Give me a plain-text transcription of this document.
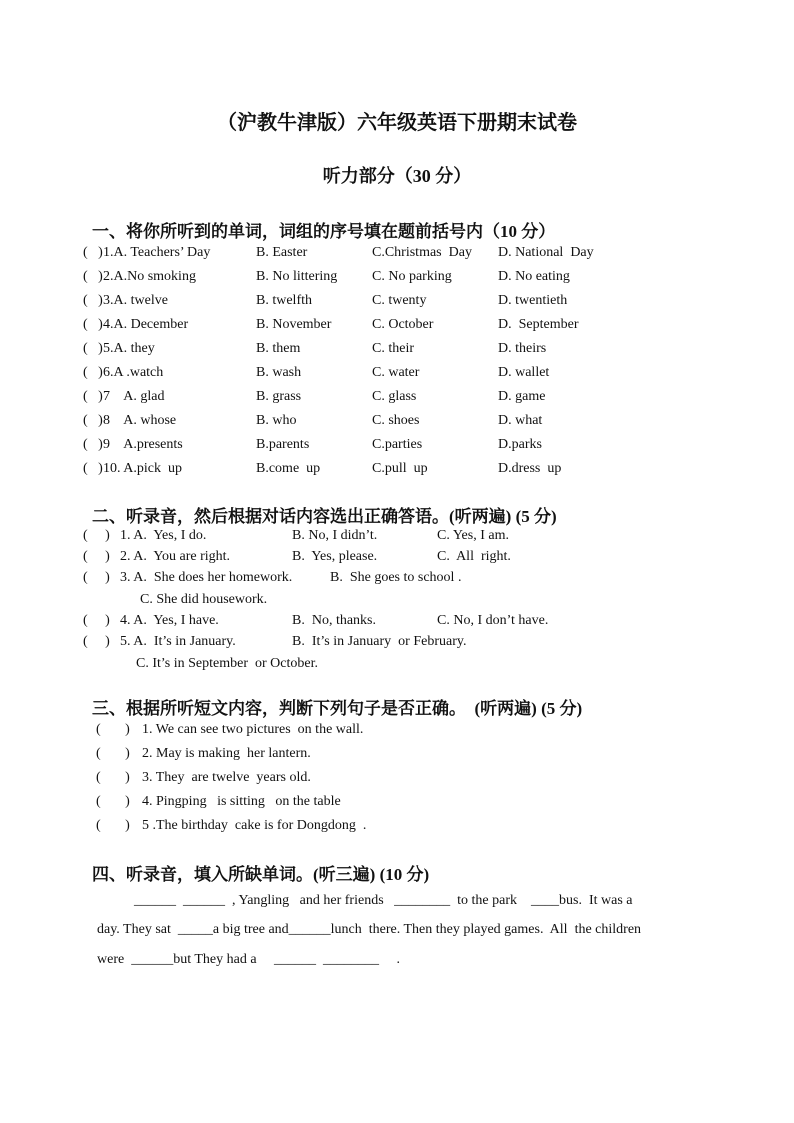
（沪教牛津版）六年级英语下册期末试卷
听力部分（30 分）
一、将你所听到的单词，词组的序号填在题前括号内（10 分）
(   ) 1.A. Teachers’ Day	B. Easter	C.Christmas  Day D. National  Day
(   ) 2.A.No smoking	B. No littering C. No parking	D. No eating
(   ) 3.A. twelve	B. twelfth	C. twenty	D. twentieth
(   ) 4.A. December	B. November	C. October	D.  September
(   ) 5.A. they	B. them	C. their	D. theirs
(   ) 6.A .watch	B. wash	C. water	D. wallet
(   ) 7    A. glad	B. grass	C. glass	D. game
(   ) 8    A. whose	B. who	C. shoes	D. what
(   ) 9    A.presents	B.parents	C.parties	D.parks
(   ) 10. A.pick  up	B.come  up	C.pull  up	D.dress  up
二、听录音，然后根据对话内容选出正确答语。(听两遍) (5 分)
(     ) 1. A.  Yes, I do.	B. No, I didn’t.	C. Yes, I am.
(     ) 2. A.  You are right.	B.  Yes, please.	C.  All  right.
(     ) 3. A.  She does her homework.	B.  She goes to school .
C. She did housework.
(     ) 4. A.  Yes, I have.	B.  No, thanks.	C. No, I don’t have.
(     ) 5. A.  It’s in January.	B.  It’s in January  or February.
C. It’s in September  or October.
三、根据所听短文内容，判断下列句子是否正确。  (听两遍) (5 分)
(       ) 1. We can see two pictures  on the wall.
(       ) 2. May is making  her lantern.
(       ) 3. They  are twelve  years old.
(       ) 4. Pingping   is sitting   on the table
(       ) 5 .The birthday  cake is for Dongdong  .
四、听录音，填入所缺单词。(听三遍) (10 分)
______  ______  , Yangling   and her friends   ________  to the park    ____bus.  It was a
day. They sat  _____a big tree and______lunch  there. Then they played games.  All  the children
were  ______but They had a     ______  ________     .
